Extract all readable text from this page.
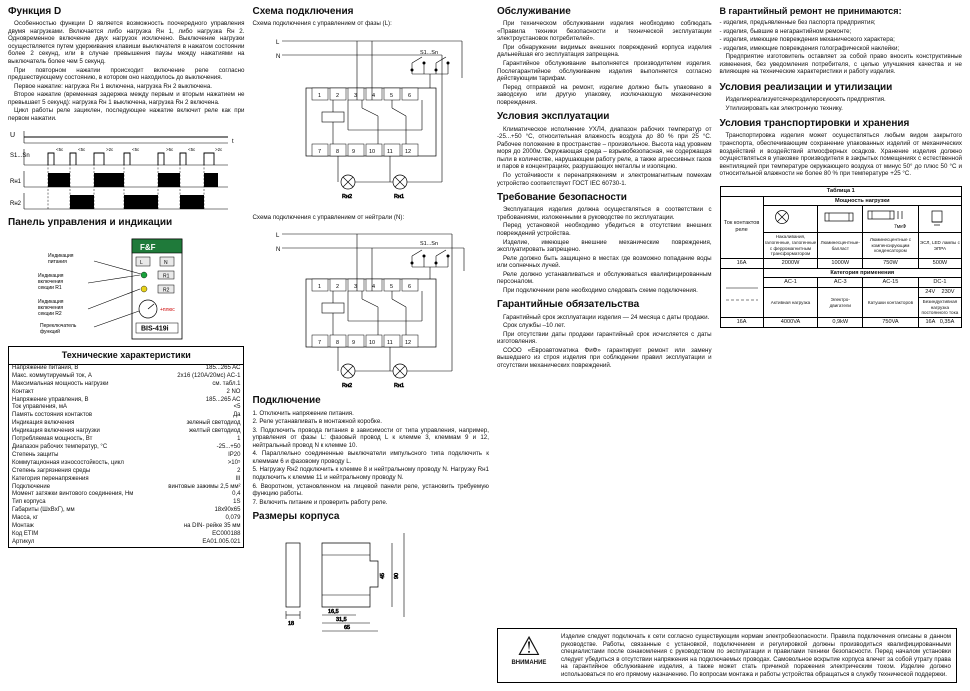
Функция D

Особенностью функции D является возможность поочередного управления двумя нагрузками. Включается либо нагрузка Rн 1, либо нагрузка Rн 2. Одновременное включение двух нагрузок исключено. Выключение нагрузки осуществляется путем удерживания клавиши выключателя в нажатом состоянии более 2 секунд, или в случае превышения паузы между нажатиями на выключатель более чем 5 секунд.

При повторном нажатии происходит включение реле согласно предшествующему состоянию, в котором оно находилось до выключения.

Первое нажатие: нагрузка Rн 1 включена, нагрузка Rн 2 выключена.

Второе нажатие (временная задержка между первым и вторым нажатием не превышает 5 секунд): нагрузка Rн 1 выключена, нагрузка Rн 2 включена.

Цикл работы реле зациклен, последующее нажатие включит реле как при первом нажатии.

U
t
S1...Sn
<5c	<5c	>2c	<5c	>5c	<5c	>2c
Rн1
Rн2
Панель управления и индикации
F&F
L	N
R1
R2
+плюс
BIS-419i
Индикация
питания
Индикация
включения
секции R1
Индикация
включения
секции R2
Переключатель
функций
Технические характеристики
Напряжение питания, В	185...265 AC
Макс. коммутируемый ток, А	2x16 (120A/20мс) AC-1
Максимальная мощность нагрузки	см. табл.1
Контакт	2 NO
Напряжение управления, В	185...265 AC
Ток управления, мА	<5
Память состояния контактов	Да
Индикация включения	зеленый светодиод
Индикация включения нагрузки	желтый светодиод
Потребляемая мощность, Вт	1
Диапазон рабочих температур, °С	-25...+50
Степень защиты	IP20
Коммутационная износостойкость, цикл	>10⁵
Степень загрязнения среды	2
Категория перенапряжения	III
Подключение	винтовые зажимы 2,5 мм²
Момент затяжки винтового соединения, Нм	0,4
Тип корпуса	1S
Габариты (ШхВхГ), мм	18х90х65
Масса, кг	0,079
Монтаж	на DIN- рейке 35 мм
Код ЕТІМ	EC000188
Артикул	EA01.005.021
Схема подключения

Схема подключения с управлением от фазы (L):

L
N
S1...Sn
1	2	3	4	5	6
7	8 9	10 11 12
Rн2	Rн1

Схема подключения с управлением от нейтрали (N):

L
N
S1...Sn
1	2	3	4	5	6
7	8 9	10 11 12
Rн2	Rн1
Подключение

1. Отключить напряжение питания.

2. Реле устанавливать в монтажной коробке.

3. Подключить провода питания в зависимости от типа управления, например, управления от фазы L: фазовый провод L к клемме 3, клеммам 9 и 12, нейтральный провод N к клемме 10.

4. Параллельно соединенные выключатели импульсного типа подключить к клеммам 6 и фазовому проводу L.

5. Нагрузку Rн2 подключить к клемме 8 и нейтральному проводу N. Нагрузку Rн1 подключить к клемме 11 и нейтральному проводу N.

6. Вворотном, установленном на лицевой панели реле, установить требуемую функцию работы.

7. Включить питание и проверить работу реле.

Размеры корпуса
18
16,5
31,5
65
45 90
Обслуживание

При техническом обслуживании изделия необходимо соблюдать «Правила техники безопасности и технической эксплуатации электроустановок потребителей».

При обнаружении видимых внешних повреждений корпуса изделия дальнейшая его эксплуатация запрещена.

Гарантийное обслуживание выполняется производителем изделия. Послегарантийное обслуживание изделия выполняется согласно действующим тарифам.

Перед отправкой на ремонт, изделие должно быть упаковано в заводскую или другую упаковку, исключающую механические повреждения.

Условия эксплуатации

Климатическое исполнение УХЛ4, диапазон рабочих температур от -25...+50 °С, относительная влажность воздуха до 80 % при 25 °С. Рабочее положение в пространстве – произвольное. Высота над уровнем моря до 2000м. Окружающая среда – взрывобезопасная, не содержащая пыли в количестве, нарушающем работу реле, а также агрессивных газов и паров в концентрациях, разрушающих металлы и изоляцию.

По устойчивости к перенапряжениям и электромагнитным помехам устройство соответствует ГОСТ IEC 60730-1.

Требование безопасности

Эксплуатация изделия должна осуществляться в соответствии с требованиями, изложенными в руководстве по эксплуатации.

Перед установкой необходимо убедиться в отсутствии внешних повреждений устройства.

Изделие, имеющее внешние механические повреждения, эксплуатировать запрещено.

Реле должно быть защищено в местах где возможно попадание воды или солнечных лучей.

Реле должно устанавливаться и обслуживаться квалифицированным персоналом.

При подключении реле необходимо следовать схеме подключения.

Гарантийные обязательства

Гарантийный срок эксплуатации изделия — 24 месяца с даты продажи.

Срок службы –10 лет.

При отсутствии даты продажи гарантийный срок исчисляется с даты изготовления.

СООО «Евроавтоматика ФиФ» гарантирует ремонт или замену вышедшего из строя изделия при соблюдении правил эксплуатации и отсутствии механических повреждений.

⚠
ВНИМАНИЕ
Изделие следует подключать к сети согласно существующим нормам электробезопасности. Правила подключения описаны в данном руководстве. Работы, связанные с установкой, подключением и регулировкой должны производиться квалифицированными специалистами после ознакомления с руководством по эксплуатации и правилами техники безопасности. Перед началом установки следует убедиться в отсутствии напряжения на подключаемых проводах. Самовольное вскрытие корпуса влечет за собой утрату права на гарантийное обслуживание изделия, а также может стать причиной поражения электрическим током. Изделие должно использоваться по его прямому назначению. По вопросам монтажа и работы устройства обращаться в службу технической поддержки.
В гарантийный ремонт не принимаются:

- изделия, предъявленные без паспорта предприятия;

- изделия, бывшие в негарантийном ремонте;

- изделия, имеющие повреждения механического характера;

- изделия, имеющие повреждения голографической наклейки;

Предприятие изготовитель оставляет за собой право вносить конструктивные изменения, без уведомления потребителя, с целью улучшения качества и не влияющие на технические характеристики и работу изделия.

Условия реализации и утилизации

Изделиереализуетсячерездилерскуюсеть предприятия.

Утилизировать как электронную технику.

Условия транспортировки и хранения

Транспортировка изделия может осуществляться любым видом закрытого транспорта, обеспечивающим сохранение упакованных изделий от механических воздействий и воздействий атмосферных осадков. Хранение изделия должно осуществляться в упаковке производителя в закрытых помещениях с естественной вентиляцией при температуре окружающего воздуха от минус 50° до плюс 50 °С и относительной влажности не более 80 % при температуре +25 °С.

Таблица 1				
Ток контактов реле	Мощность нагрузки			

7мкФ

	Накаливания, галогенные, галогенные с ферромагнитным трансформатором	Люминесцентные-балласт	Люминесцентные с компенсирующим конденсатором	ЭСЛ, LED лампы с ЭПРА
16A	2000W	1000W	750W	500W

	Категория применения			
	AC-1	AC-3	AC-15	DC-1
	Активная нагрузка	Электро- двигатели	Катушки контакторов	24V 230V
				Безиндуктивная нагрузка постоянного тока
16A	4000VA	0,9kW	750VA	16A 0,35A
